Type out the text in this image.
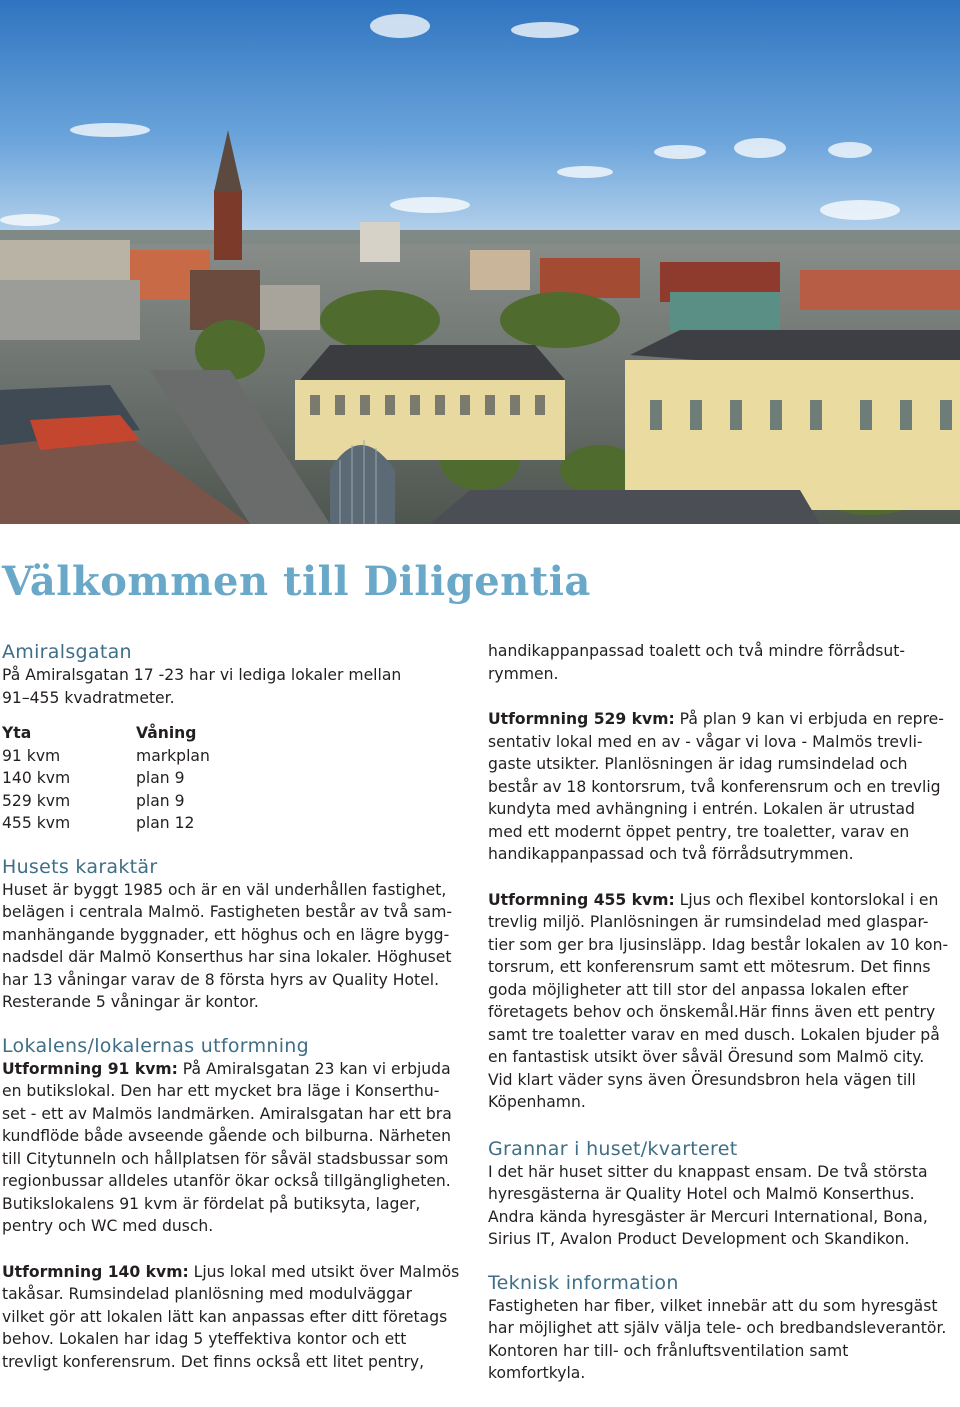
Välkommen till Diligentia
Amiralsgatan

På Amiralsgatan 17 -23 har vi lediga lokaler mellan

91–455 kvadratmeter.

Yta	Våning
91 kvm	markplan
140 kvm	plan 9
529 kvm	plan 9
455 kvm	plan 12
Husets karaktär

Huset är byggt 1985 och är en väl underhållen fastighet,

belägen i centrala Malmö. Fastigheten består av två sam-

manhängande byggnader, ett höghus och en lägre bygg-

nadsdel där Malmö Konserthus har sina lokaler. Höghuset

har 13 våningar varav de 8 första hyrs av Quality Hotel.

Resterande 5 våningar är kontor.

Lokalens/lokalernas utformning

Utformning 91 kvm: På Amiralsgatan 23 kan vi erbjuda

en butikslokal. Den har ett mycket bra läge i Konserthu-

set - ett av Malmös landmärken. Amiralsgatan har ett bra

kundflöde både avseende gående och bilburna. Närheten

till Citytunneln och hållplatsen för såväl stadsbussar som

regionbussar alldeles utanför ökar också tillgängligheten.

Butikslokalens 91 kvm är fördelat på butiksyta, lager,

pentry och WC med dusch.

Utformning 140 kvm: Ljus lokal med utsikt över Malmös

takåsar. Rumsindelad planlösning med modulväggar

vilket gör att lokalen lätt kan anpassas efter ditt företags

behov. Lokalen har idag 5 yteffektiva kontor och ett

trevligt konferensrum. Det finns också ett litet pentry,

handikappanpassad toalett och två mindre förrådsut-

rymmen.

Utformning 529 kvm: På plan 9 kan vi erbjuda en repre-

sentativ lokal med en av - vågar vi lova - Malmös trevli-

gaste utsikter. Planlösningen är idag rumsindelad och

består av 18 kontorsrum, två konferensrum och en trevlig

kundyta med avhängning i entrén. Lokalen är utrustad

med ett modernt öppet pentry, tre toaletter, varav en

handikappanpassad och två förrådsutrymmen.

Utformning 455 kvm: Ljus och flexibel kontorslokal i en

trevlig miljö. Planlösningen är rumsindelad med glaspar-

tier som ger bra ljusinsläpp. Idag består lokalen av 10 kon-

torsrum, ett konferensrum samt ett mötesrum. Det finns

goda möjligheter att till stor del anpassa lokalen efter

företagets behov och önskemål.Här finns även ett pentry

samt tre toaletter varav en med dusch. Lokalen bjuder på

en fantastisk utsikt över såväl Öresund som Malmö city.

Vid klart väder syns även Öresundsbron hela vägen till

Köpenhamn.

Grannar i huset/kvarteret

I det här huset sitter du knappast ensam. De två största

hyresgästerna är Quality Hotel och Malmö Konserthus.

Andra kända hyresgäster är Mercuri International, Bona,

Sirius IT, Avalon Product Development och Skandikon.

Teknisk information

Fastigheten har fiber, vilket innebär att du som hyresgäst

har möjlighet att själv välja tele- och bredbandsleverantör.

Kontoren har till- och frånluftsventilation samt

komfortkyla.
